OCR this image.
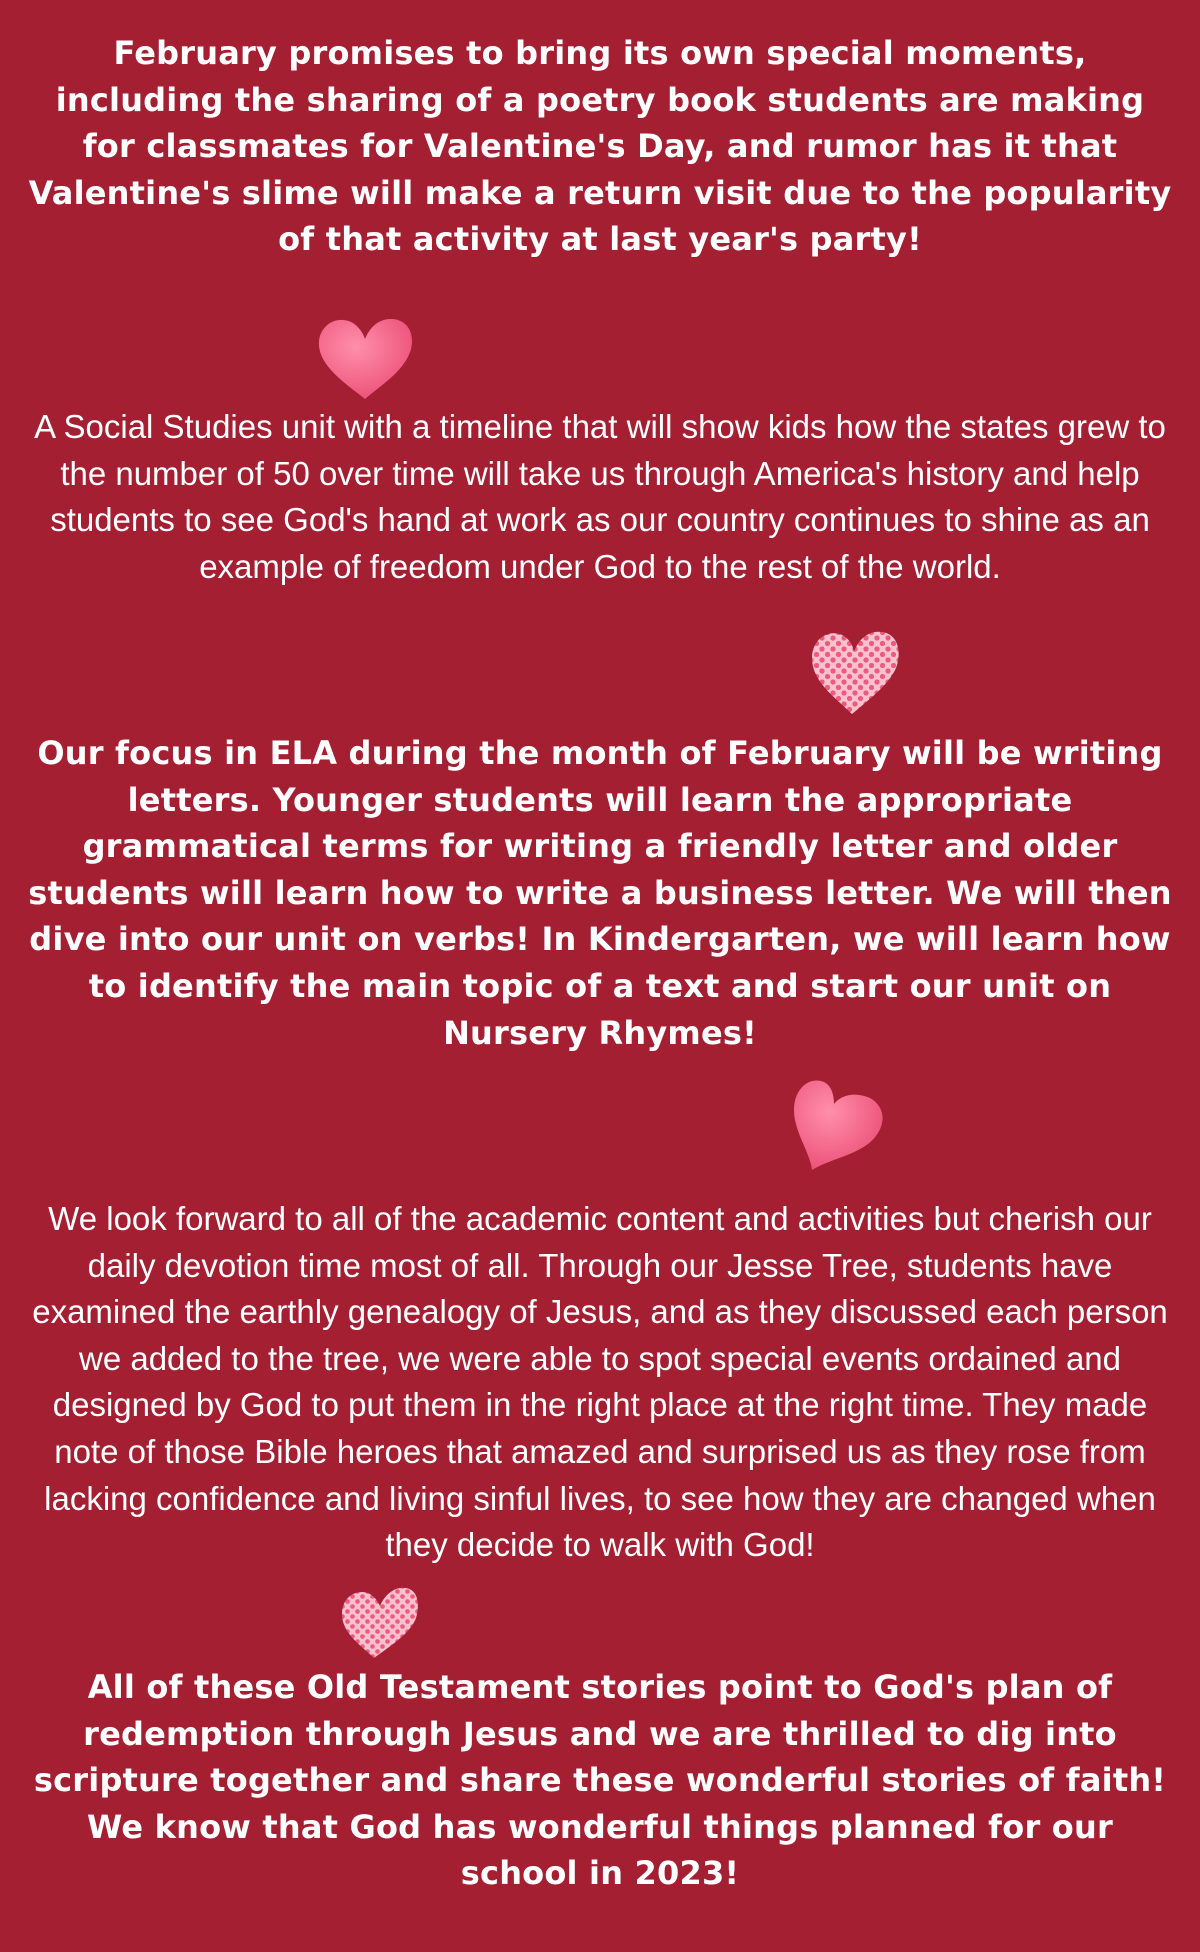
February promises to bring its own special moments, including the sharing of a poetry book students are making for classmates for Valentine's Day, and rumor has it that Valentine's slime will make a return visit due to the popularity of that activity at last year's party!

A Social Studies unit with a timeline that will show kids how the states grew to the number of 50 over time will take us through America's history and help students to see God's hand at work as our country continues to shine as an example of freedom under God to the rest of the world.

Our focus in ELA during the month of February will be writing letters. Younger students will learn the appropriate grammatical terms for writing a friendly letter and older students will learn how to write a business letter. We will then dive into our unit on verbs! In Kindergarten, we will learn how to identify the main topic of a text and start our unit on Nursery Rhymes!

We look forward to all of the academic content and activities but cherish our daily devotion time most of all. Through our Jesse Tree, students have examined the earthly genealogy of Jesus, and as they discussed each person we added to the tree, we were able to spot special events ordained and designed by God to put them in the right place at the right time. They made note of those Bible heroes that amazed and surprised us as they rose from lacking confidence and living sinful lives, to see how they are changed when they decide to walk with God!

All of these Old Testament stories point to God's plan of redemption through Jesus and we are thrilled to dig into scripture together and share these wonderful stories of faith! We know that God has wonderful things planned for our school in 2023!
